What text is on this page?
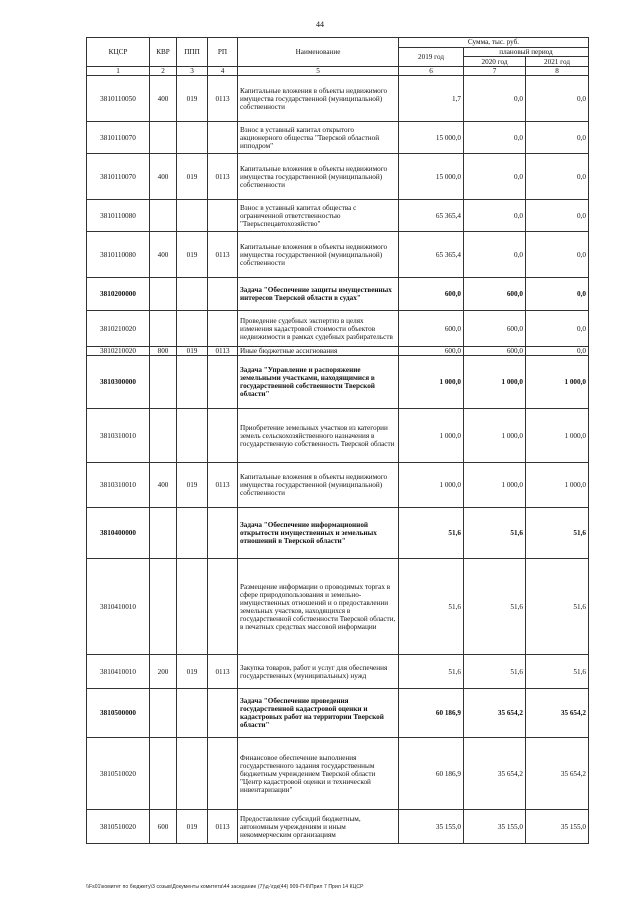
44
КЦСР	КВР	ППП	РП	Наименование	Сумма, тыс. руб.		
					2019 год	плановый период	
						2020 год	2021 год
1	2	3	4	5	6	7	8
3810110050	400	019	0113	Капитальные вложения в объекты недвижимого имущества государственной (муниципальной) собственности	1,7	0,0	0,0
3810110070				Взнос в уставный капитал открытого акционерного общества "Тверской областной ипподром"	15 000,0	0,0	0,0
3810110070	400	019	0113	Капитальные вложения в объекты недвижимого имущества государственной (муниципальной) собственности	15 000,0	0,0	0,0
3810110080				Взнос в уставный капитал общества с ограниченной ответственностью "Тверьспецавтохозяйство"	65 365,4	0,0	0,0
3810110080	400	019	0113	Капитальные вложения в объекты недвижимого имущества государственной (муниципальной) собственности	65 365,4	0,0	0,0
3810200000				Задача "Обеспечение защиты имущественных интересов Тверской области в судах"	600,0	600,0	0,0
3810210020				Проведение судебных экспертиз в целях изменения кадастровой стоимости объектов недвижимости в рамках судебных разбирательств	600,0	600,0	0,0
3810210020	800	019	0113	Иные бюджетные ассигнования	600,0	600,0	0,0
3810300000				Задача "Управление и распоряжение земельными участками, находящимися в государственной собственности Тверской области"	1 000,0	1 000,0	1 000,0
3810310010				Приобретение земельных участков из категории земель сельскохозяйственного назначения в государственную собственность Тверской области	1 000,0	1 000,0	1 000,0
3810310010	400	019	0113	Капитальные вложения в объекты недвижимого имущества государственной (муниципальной) собственности	1 000,0	1 000,0	1 000,0
3810400000				Задача "Обеспечение информационной открытости имущественных и земельных отношений в Тверской области"	51,6	51,6	51,6
3810410010				Размещение информации о проводимых торгах в сфере природопользования и земельно-имущественных отношений и о предоставлении земельных участков, находящихся в государственной собственности Тверской области, в печатных средствах массовой информации	51,6	51,6	51,6
3810410010	200	019	0113	Закупка товаров, работ и услуг для обеспечения государственных (муниципальных) нужд	51,6	51,6	51,6
3810500000				Задача "Обеспечение проведения государственной кадастровой оценки и кадастровых работ на территории Тверской области"	60 186,9	35 654,2	35 654,2
3810510020				Финансовое обеспечение выполнения государственного задания государственным бюджетным учреждением Тверской области "Центр кадастровой оценки и технической инвентаризации"	60 186,9	35 654,2	35 654,2
3810510020	600	019	0113	Предоставление субсидий бюджетным, автономным учреждениям и иным некоммерческим организациям	35 155,0	35 155,0	35 155,0
\\Fs01\комитет по бюджету\3 созыв\Документы комитета\44 заседание (7)\д-\гдк(44) 909-П-6\Прил 7 Прил 14 КЦСР
